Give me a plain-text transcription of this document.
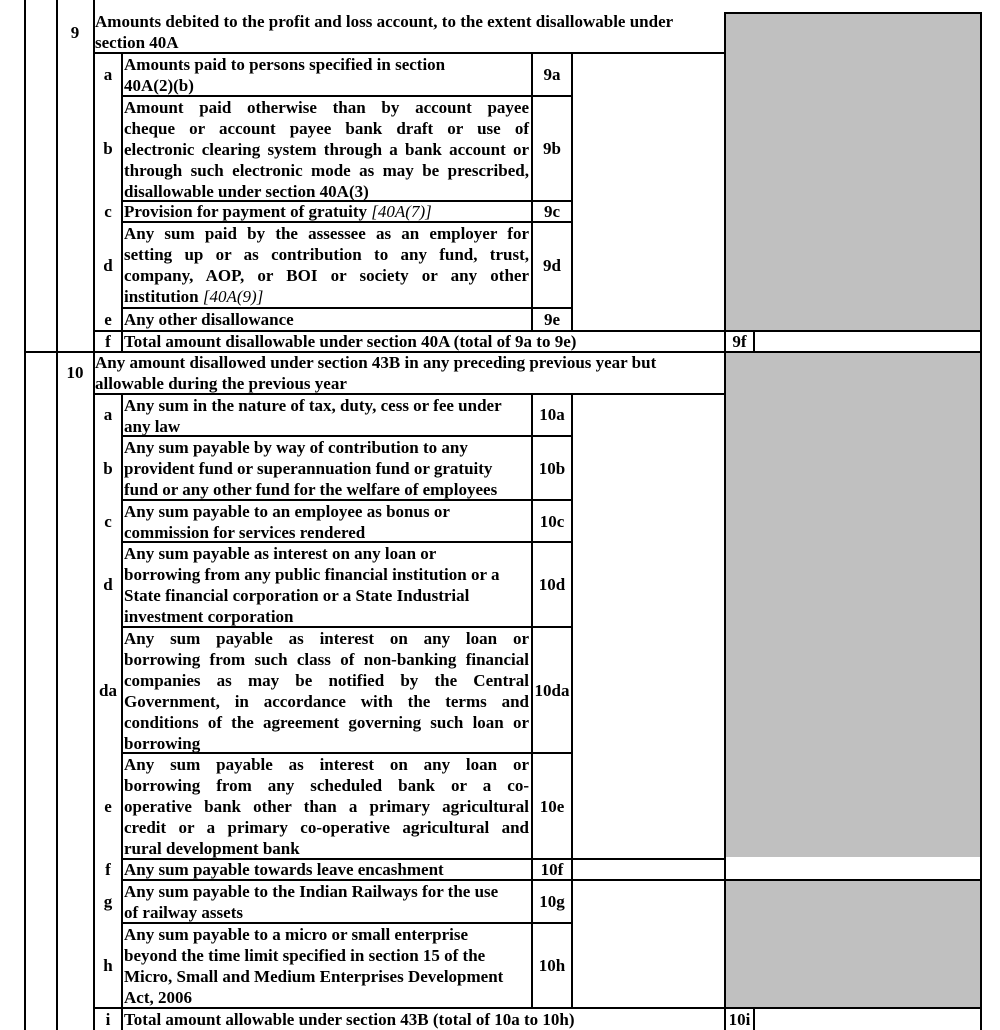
9
Amounts debited to the profit and loss account, to the extent disallowable under
section 40A
a
Amounts paid to persons specified in section
40A(2)(b)
9a
b
Amount paid otherwise than by account payee
cheque or account payee bank draft or use of
electronic clearing system through a bank account or
through such electronic mode as may be prescribed,
disallowable under section 40A(3)
9b
c Provision for payment of gratuity [40A(7)]	9c
d
Any sum paid by the assessee as an employer for
setting up or as contribution to any fund, trust,
company, AOP, or BOI or society or any other
institution [40A(9)]
9d
e Any other disallowance	9e
f Total amount disallowable under section 40A (total of 9a to 9e)	9f
10
Any amount disallowed under section 43B in any preceding previous year but
allowable during the previous year
a Any sum in the nature of tax, duty, cess or fee under
any law
10a
b
Any sum payable by way of contribution to any
provident fund or superannuation fund or gratuity
fund or any other fund for the welfare of employees
10b
c
Any sum payable to an employee as bonus or
commission for services rendered
10c
d
Any sum payable as interest on any loan or
borrowing from any public financial institution or a
State financial corporation or a State Industrial
investment corporation
10d
da
Any sum payable as interest on any loan or
borrowing from such class of non-banking financial
companies as may be notified by the Central
Government, in accordance with the terms and
conditions of the agreement governing such loan or
borrowing
10da
e
Any sum payable as interest on any loan or
borrowing from any scheduled bank or a co-
operative bank other than a primary agricultural
credit or a primary co-operative agricultural and
rural development bank
10e
f Any sum payable towards leave encashment	10f
g
Any sum payable to the Indian Railways for the use
of railway assets
10g
h
Any sum payable to a micro or small enterprise
beyond the time limit specified in section 15 of the
Micro, Small and Medium Enterprises Development
Act, 2006
10h
i Total amount allowable under section 43B (total of 10a to 10h)	10i
